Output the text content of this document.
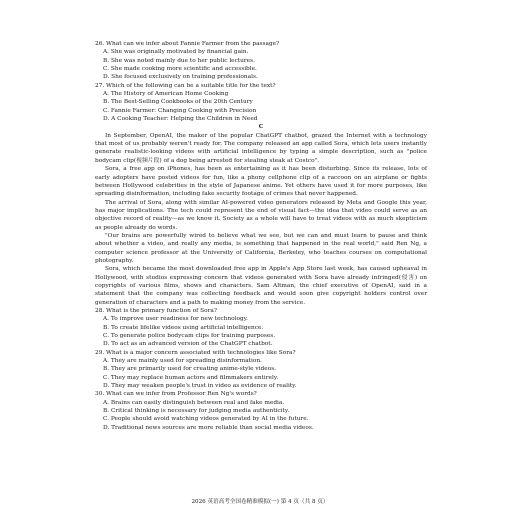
26. What can we infer about Fannie Farmer from the passage?

A. She was originally motivated by financial gain.

B. She was noted mainly due to her public lectures.

C. She made cooking more scientific and accessible.

D. She focused exclusively on training professionals.

27. Which of the following can be a suitable title for the text?

A. The History of American Home Cooking

B. The Best-Selling Cookbooks of the 20th Century

C. Fannie Farmer: Changing Cooking with Precision

D. A Cooking Teacher: Helping the Children in Need

C

In September, OpenAI, the maker of the popular ChatGPT chatbot, grazed the Internet with a technology that most of us probably weren't ready for. The company released an app called Sora, which lets users instantly generate realistic-looking videos with artificial intelligence by typing a simple description, such as "police bodycam clip(视频片段) of a dog being arrested for stealing steak at Costco".

Sora, a free app on iPhones, has been as entertaining as it has been disturbing. Since its release, lots of early adopters have posted videos for fun, like a phony cellphone clip of a raccoon on an airplane or fights between Hollywood celebrities in the style of Japanese anime. Yet others have used it for more purposes, like spreading disinformation, including fake security footage of crimes that never happened.

The arrival of Sora, along with similar AI-powered video generators released by Meta and Google this year, has major implications. The tech could represent the end of visual fact—the idea that video could serve as an objective record of reality—as we know it. Society as a whole will have to treat videos with as much skepticism as people already do words.

"Our brains are powerfully wired to believe what we see, but we can and must learn to pause and think about whether a video, and really any media, is something that happened in the real world," said Ren Ng, a computer science professor at the University of California, Berkeley, who teaches courses on computational photography.

Sora, which became the most downloaded free app in Apple's App Store last week, has caused upheaval in Hollywood, with studios expressing concern that videos generated with Sora have already infringed(侵害) on copyrights of various films, shows and characters. Sam Altman, the chief executive of OpenAI, said in a statement that the company was collecting feedback and would soon give copyright holders control over generation of characters and a path to making money from the service.

28. What is the primary function of Sora?

A. To improve user readiness for new technology.

B. To create lifelike videos using artificial intelligence.

C. To generate police bodycam clips for training purposes.

D. To act as an advanced version of the ChatGPT chatbot.

29. What is a major concern associated with technologies like Sora?

A. They are mainly used for spreading disinformation.

B. They are primarily used for creating anime-style videos.

C. They may replace human actors and filmmakers entirely.

D. They may weaken people's trust in video as evidence of reality.

30. What can we infer from Professor Ren Ng's words?

A. Brains can easily distinguish between real and fake media.

B. Critical thinking is necessary for judging media authenticity.

C. People should avoid watching videos generated by AI in the future.

D. Traditional news sources are more reliable than social media videos.

2026 英语高考全国卷精准模拟(一) 第 4 页（共 8 页）
